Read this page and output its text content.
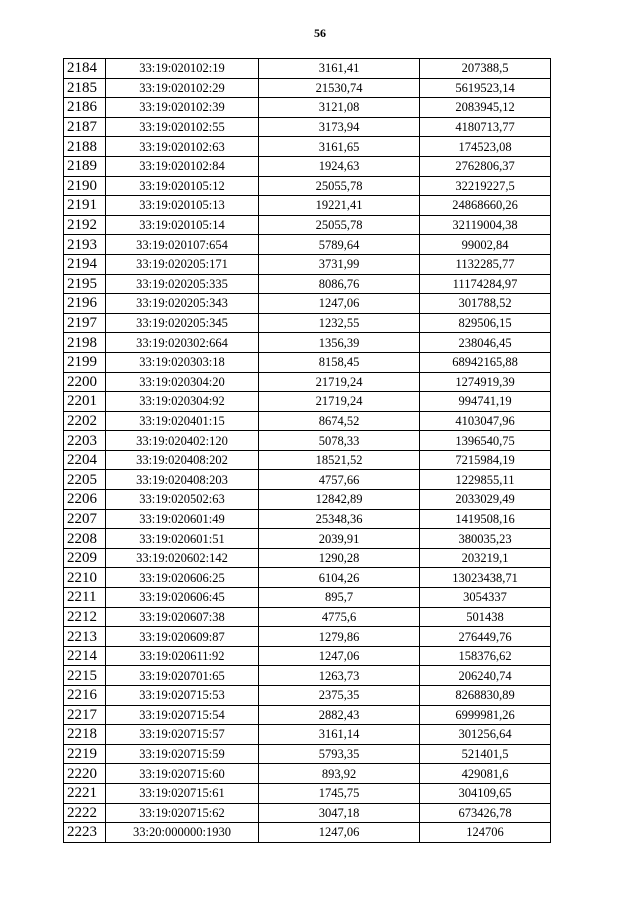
56
2184	33:19:020102:19	3161,41	207388,5
2185	33:19:020102:29	21530,74	5619523,14
2186	33:19:020102:39	3121,08	2083945,12
2187	33:19:020102:55	3173,94	4180713,77
2188	33:19:020102:63	3161,65	174523,08
2189	33:19:020102:84	1924,63	2762806,37
2190	33:19:020105:12	25055,78	32219227,5
2191	33:19:020105:13	19221,41	24868660,26
2192	33:19:020105:14	25055,78	32119004,38
2193	33:19:020107:654	5789,64	99002,84
2194	33:19:020205:171	3731,99	1132285,77
2195	33:19:020205:335	8086,76	11174284,97
2196	33:19:020205:343	1247,06	301788,52
2197	33:19:020205:345	1232,55	829506,15
2198	33:19:020302:664	1356,39	238046,45
2199	33:19:020303:18	8158,45	68942165,88
2200	33:19:020304:20	21719,24	1274919,39
2201	33:19:020304:92	21719,24	994741,19
2202	33:19:020401:15	8674,52	4103047,96
2203	33:19:020402:120	5078,33	1396540,75
2204	33:19:020408:202	18521,52	7215984,19
2205	33:19:020408:203	4757,66	1229855,11
2206	33:19:020502:63	12842,89	2033029,49
2207	33:19:020601:49	25348,36	1419508,16
2208	33:19:020601:51	2039,91	380035,23
2209	33:19:020602:142	1290,28	203219,1
2210	33:19:020606:25	6104,26	13023438,71
2211	33:19:020606:45	895,7	3054337
2212	33:19:020607:38	4775,6	501438
2213	33:19:020609:87	1279,86	276449,76
2214	33:19:020611:92	1247,06	158376,62
2215	33:19:020701:65	1263,73	206240,74
2216	33:19:020715:53	2375,35	8268830,89
2217	33:19:020715:54	2882,43	6999981,26
2218	33:19:020715:57	3161,14	301256,64
2219	33:19:020715:59	5793,35	521401,5
2220	33:19:020715:60	893,92	429081,6
2221	33:19:020715:61	1745,75	304109,65
2222	33:19:020715:62	3047,18	673426,78
2223	33:20:000000:1930	1247,06	124706
